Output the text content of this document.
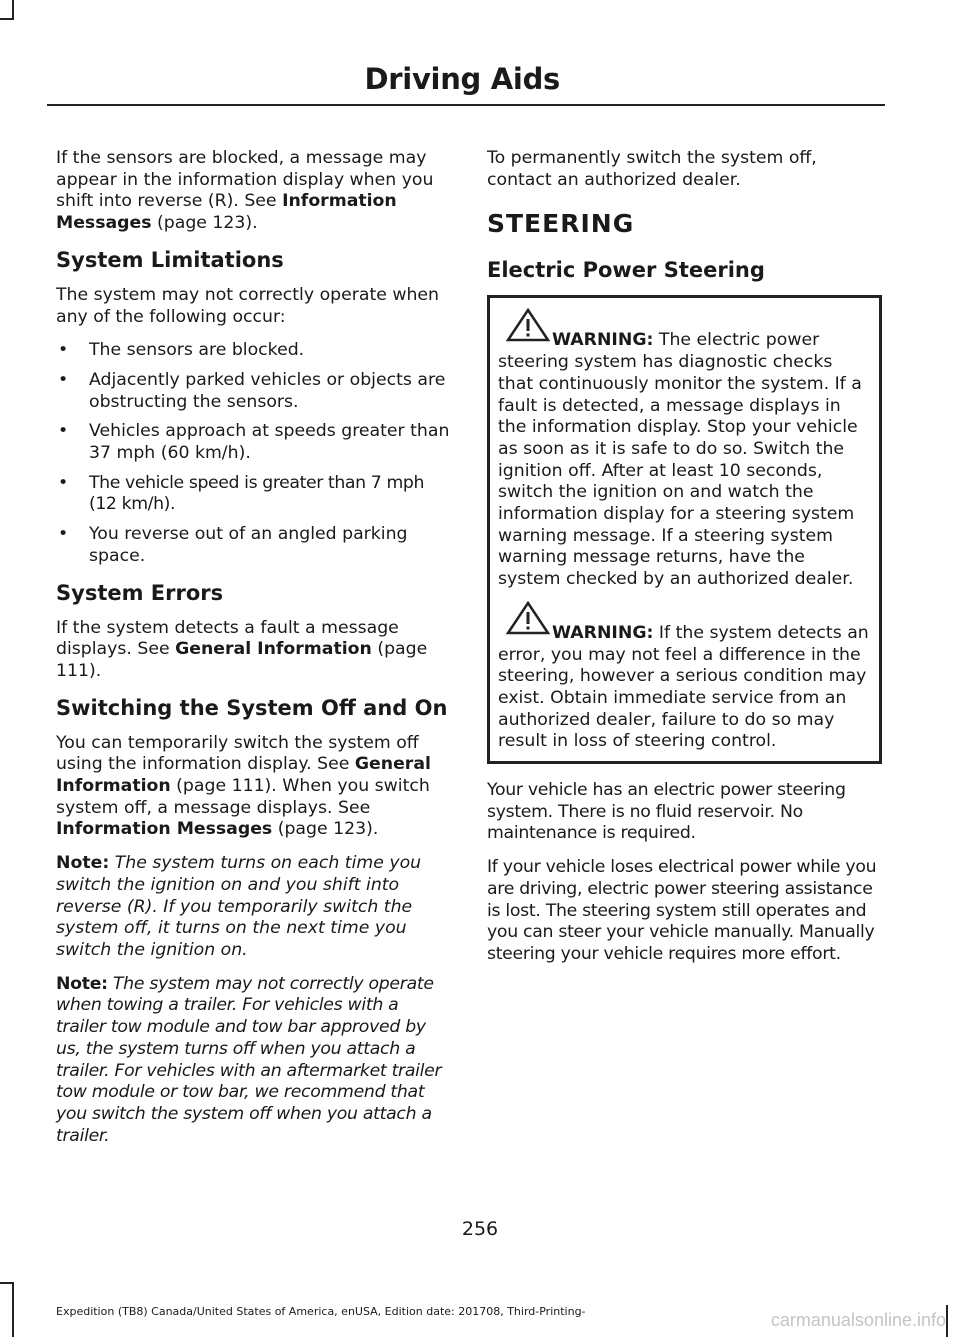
Driving Aids

If the sensors are blocked, a message may appear in the information display when you shift into reverse (R). See Information Messages (page 123).

System Limitations

The system may not correctly operate when any of the following occur:

• The sensors are blocked.
• Adjacently parked vehicles or objects are obstructing the sensors.
• Vehicles approach at speeds greater than 37 mph (60 km/h).
• The vehicle speed is greater than 7 mph (12 km/h).
• You reverse out of an angled parking space.
System Errors

If the system detects a fault a message displays. See General Information (page 111).

Switching the System Off and On

You can temporarily switch the system off using the information display. See General Information (page 111). When you switch system off, a message displays. See Information Messages (page 123).

Note: The system turns on each time you switch the ignition on and you shift into reverse (R). If you temporarily switch the system off, it turns on the next time you switch the ignition on.

Note: The system may not correctly operate when towing a trailer. For vehicles with a trailer tow module and tow bar approved by us, the system turns off when you attach a trailer. For vehicles with an aftermarket trailer tow module or tow bar, we recommend that you switch the system off when you attach a trailer.

To permanently switch the system off, contact an authorized dealer.

STEERING
Electric Power Steering
WARNING: The electric power steering system has diagnostic checks that continuously monitor the system. If a fault is detected, a message displays in the information display. Stop your vehicle as soon as it is safe to do so. Switch the ignition off. After at least 10 seconds, switch the ignition on and watch the information display for a steering system warning message. If a steering system warning message returns, have the system checked by an authorized dealer.
WARNING: If the system detects an error, you may not feel a difference in the steering, however a serious condition may exist. Obtain immediate service from an authorized dealer, failure to do so may result in loss of steering control.

Your vehicle has an electric power steering system. There is no fluid reservoir. No maintenance is required.

If your vehicle loses electrical power while you are driving, electric power steering assistance is lost. The steering system still operates and you can steer your vehicle manually. Manually steering your vehicle requires more effort.

256
Expedition (TB8) Canada/United States of America, enUSA, Edition date: 201708, Third-Printing-	carmanualsonline.info
